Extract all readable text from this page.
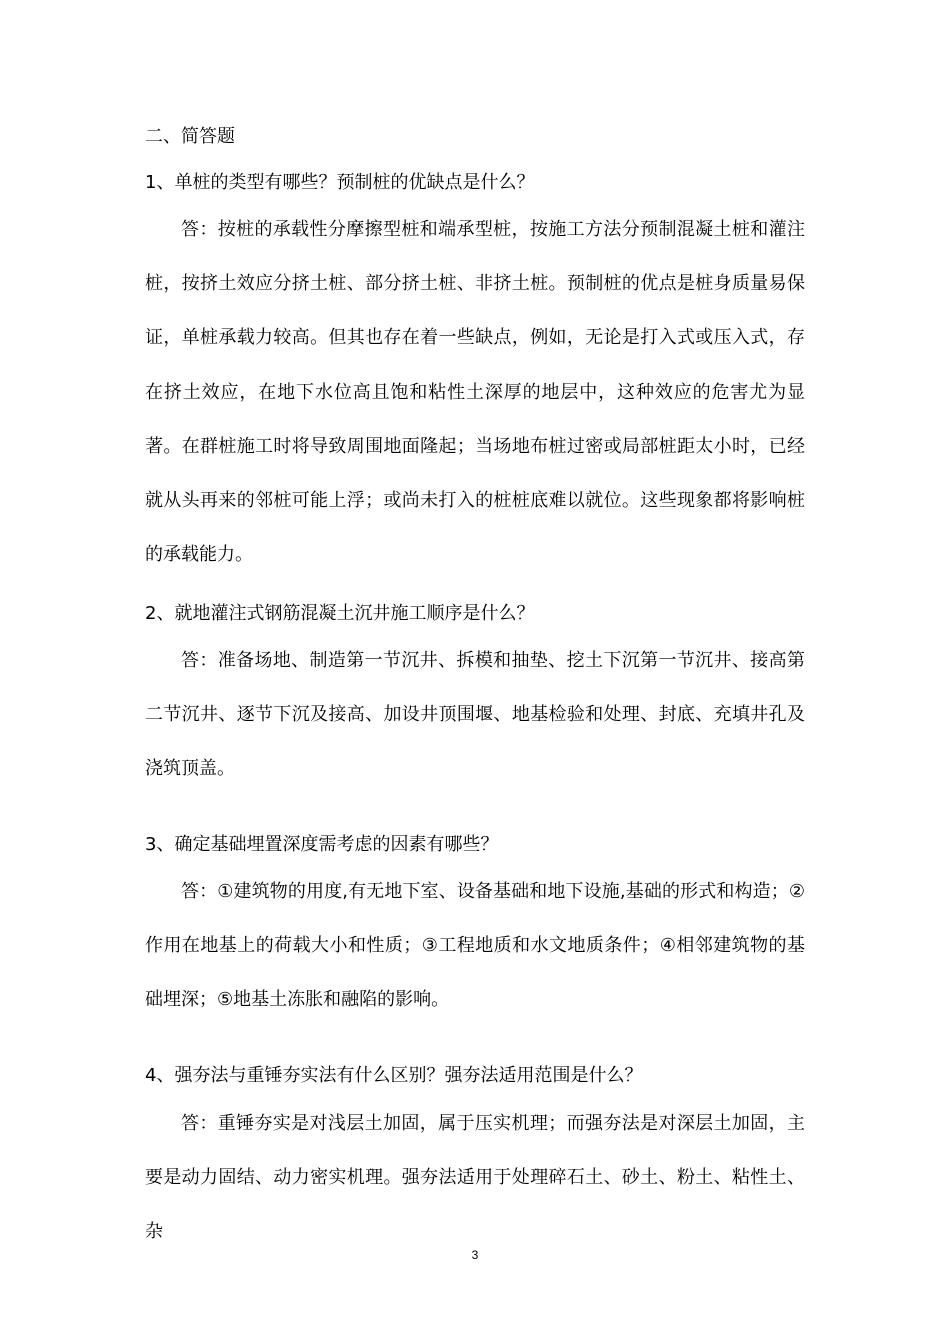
二、简答题

1、单桩的类型有哪些？预制桩的优缺点是什么？

答：按桩的承载性分摩擦型桩和端承型桩，按施工方法分预制混凝土桩和灌注桩，按挤土效应分挤土桩、部分挤土桩、非挤土桩。预制桩的优点是桩身质量易保证，单桩承载力较高。但其也存在着一些缺点，例如，无论是打入式或压入式，存在挤土效应，在地下水位高且饱和粘性土深厚的地层中，这种效应的危害尤为显著。在群桩施工时将导致周围地面隆起；当场地布桩过密或局部桩距太小时，已经就从头再来的邻桩可能上浮；或尚未打入的桩桩底难以就位。这些现象都将影响桩的承载能力。

2、就地灌注式钢筋混凝土沉井施工顺序是什么？

答：准备场地、制造第一节沉井、拆模和抽垫、挖土下沉第一节沉井、接高第二节沉井、逐节下沉及接高、加设井顶围堰、地基检验和处理、封底、充填井孔及浇筑顶盖。

3、确定基础埋置深度需考虑的因素有哪些？

答：①建筑物的用度,有无地下室、设备基础和地下设施,基础的形式和构造；②作用在地基上的荷载大小和性质；③工程地质和水文地质条件；④相邻建筑物的基础埋深；⑤地基土冻胀和融陷的影响。

4、强夯法与重锤夯实法有什么区别？强夯法适用范围是什么？

答：重锤夯实是对浅层土加固，属于压实机理；而强夯法是对深层土加固，主要是动力固结、动力密实机理。强夯法适用于处理碎石土、砂土、粉土、粘性土、杂

3
